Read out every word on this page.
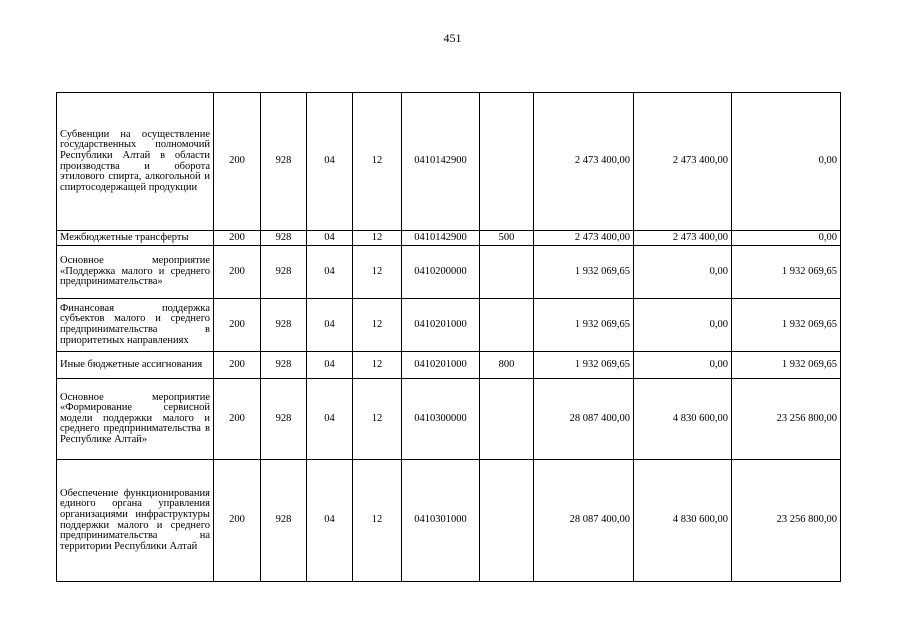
451
Субвенции на осуществление государственных полномочий Республики Алтай в области производства и оборота этилового спирта, алкогольной и спиртосодержащей продукции	200	928	04	12	0410142900		2 473 400,00	2 473 400,00	0,00
Межбюджетные трансферты	200	928	04	12	0410142900	500	2 473 400,00	2 473 400,00	0,00
Основное мероприятие «Поддержка малого и среднего предпринимательства»	200	928	04	12	0410200000		1 932 069,65	0,00	1 932 069,65
Финансовая поддержка субъектов малого и среднего предпринимательства в приоритетных направлениях	200	928	04	12	0410201000		1 932 069,65	0,00	1 932 069,65
Иные бюджетные ассигнования	200	928	04	12	0410201000	800	1 932 069,65	0,00	1 932 069,65
Основное мероприятие «Формирование сервисной модели поддержки малого и среднего предпринимательства в Республике Алтай»	200	928	04	12	0410300000		28 087 400,00	4 830 600,00	23 256 800,00
Обеспечение функционирования единого органа управления организациями инфраструктуры поддержки малого и среднего предпринимательства на территории Республики Алтай	200	928	04	12	0410301000		28 087 400,00	4 830 600,00	23 256 800,00
